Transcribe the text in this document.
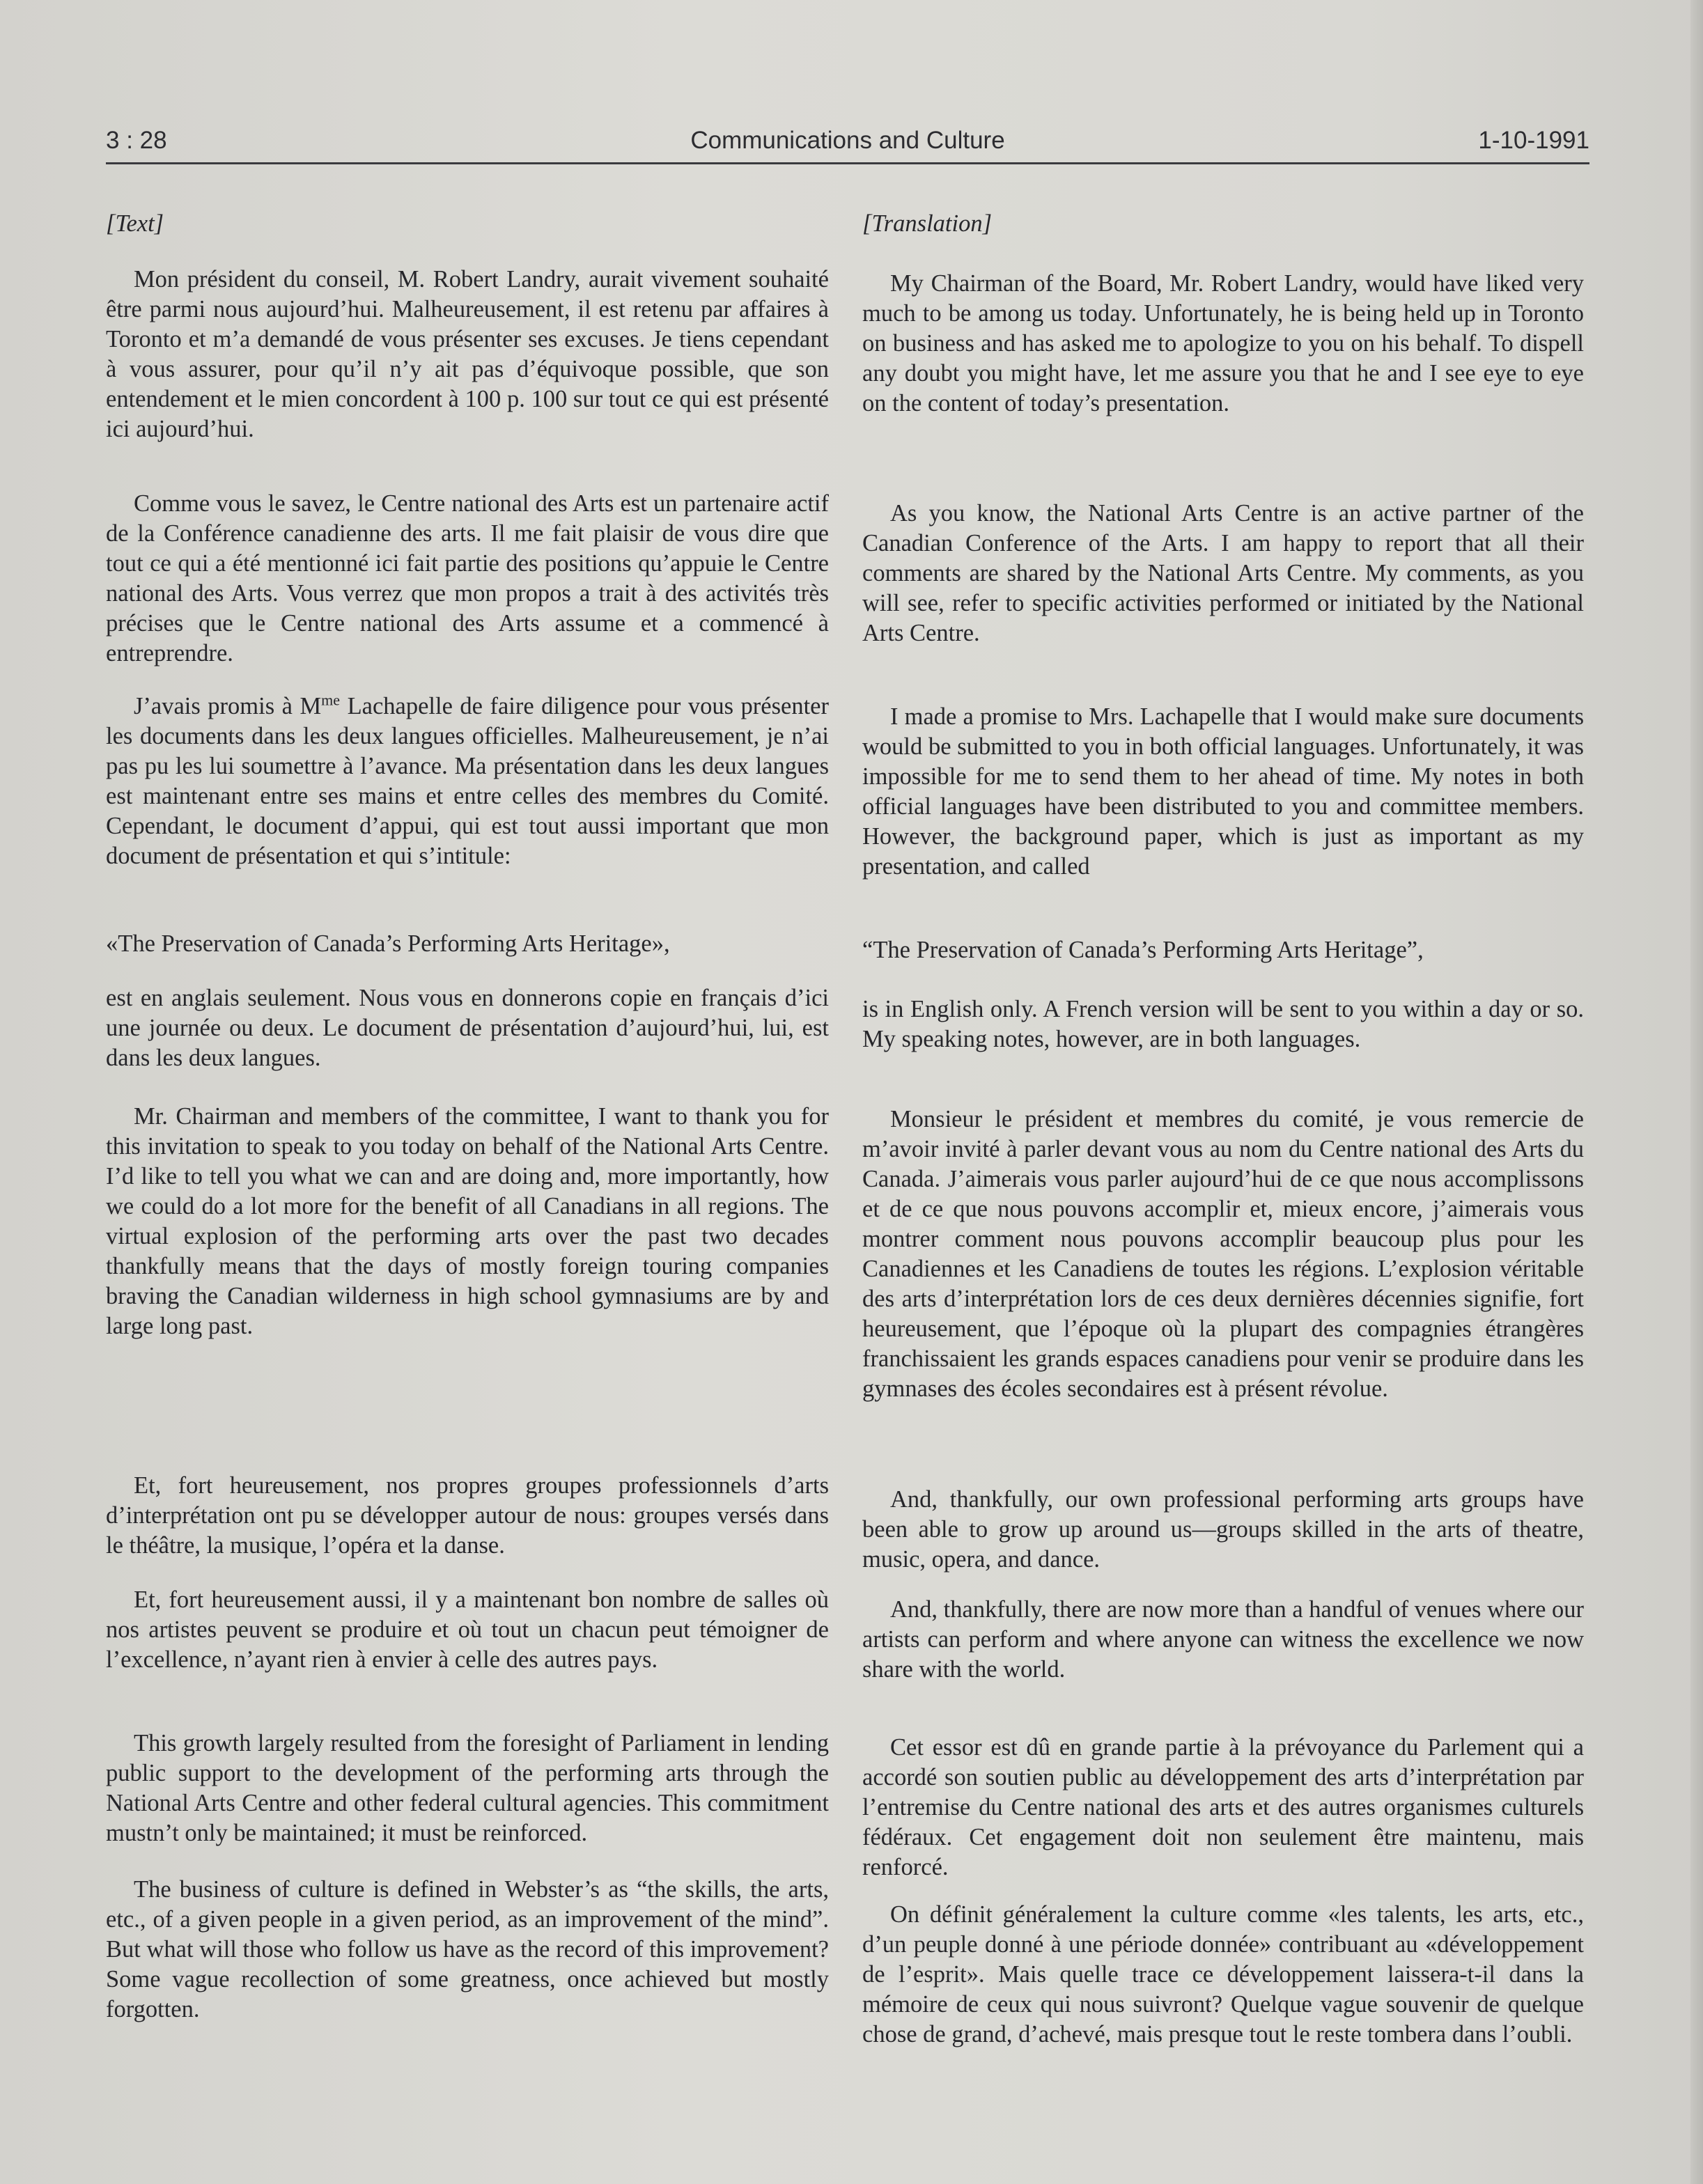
3 : 28	Communications and Culture	1-10-1991

[Text]

Mon président du conseil, M. Robert Landry, aurait vivement souhaité être parmi nous aujourd’hui. Malheureusement, il est retenu par affaires à Toronto et m’a demandé de vous présenter ses excuses. Je tiens cependant à vous assurer, pour qu’il n’y ait pas d’équivoque possible, que son entendement et le mien concordent à 100 p. 100 sur tout ce qui est présenté ici aujourd’hui.

Comme vous le savez, le Centre national des Arts est un partenaire actif de la Conférence canadienne des arts. Il me fait plaisir de vous dire que tout ce qui a été mentionné ici fait partie des positions qu’appuie le Centre national des Arts. Vous verrez que mon propos a trait à des activités très précises que le Centre national des Arts assume et a commencé à entreprendre.

J’avais promis à $M^{me}$ Lachapelle de faire diligence pour vous présenter les documents dans les deux langues officielles. Malheureusement, je n’ai pas pu les lui soumettre à l’avance. Ma présentation dans les deux langues est maintenant entre ses mains et entre celles des membres du Comité. Cependant, le document d’appui, qui est tout aussi important que mon document de présentation et qui s’intitule:

«The Preservation of Canada’s Performing Arts Heritage»,

est en anglais seulement. Nous vous en donnerons copie en français d’ici une journée ou deux. Le document de présentation d’aujourd’hui, lui, est dans les deux langues.

Mr. Chairman and members of the committee, I want to thank you for this invitation to speak to you today on behalf of the National Arts Centre. I’d like to tell you what we can and are doing and, more importantly, how we could do a lot more for the benefit of all Canadians in all regions. The virtual explosion of the performing arts over the past two decades thankfully means that the days of mostly foreign touring companies braving the Canadian wilderness in high school gymnasiums are by and large long past.

Et, fort heureusement, nos propres groupes professionnels d’arts d’interprétation ont pu se développer autour de nous: groupes versés dans le théâtre, la musique, l’opéra et la danse.

Et, fort heureusement aussi, il y a maintenant bon nombre de salles où nos artistes peuvent se produire et où tout un chacun peut témoigner de l’excellence, n’ayant rien à envier à celle des autres pays.

This growth largely resulted from the foresight of Parliament in lending public support to the development of the performing arts through the National Arts Centre and other federal cultural agencies. This commitment mustn’t only be maintained; it must be reinforced.

The business of culture is defined in Webster’s as “the skills, the arts, etc., of a given people in a given period, as an improvement of the mind”. But what will those who follow us have as the record of this improvement? Some vague recollection of some greatness, once achieved but mostly forgotten.

[Translation]

My Chairman of the Board, Mr. Robert Landry, would have liked very much to be among us today. Unfortunately, he is being held up in Toronto on business and has asked me to apologize to you on his behalf. To dispell any doubt you might have, let me assure you that he and I see eye to eye on the content of today’s presentation.

As you know, the National Arts Centre is an active partner of the Canadian Conference of the Arts. I am happy to report that all their comments are shared by the National Arts Centre. My comments, as you will see, refer to specific activities performed or initiated by the National Arts Centre.

I made a promise to Mrs. Lachapelle that I would make sure documents would be submitted to you in both official languages. Unfortunately, it was impossible for me to send them to her ahead of time. My notes in both official languages have been distributed to you and committee members. However, the background paper, which is just as important as my presentation, and called

“The Preservation of Canada’s Performing Arts Heritage”,

is in English only. A French version will be sent to you within a day or so. My speaking notes, however, are in both languages.

Monsieur le président et membres du comité, je vous remercie de m’avoir invité à parler devant vous au nom du Centre national des Arts du Canada. J’aimerais vous parler aujourd’hui de ce que nous accomplissons et de ce que nous pouvons accomplir et, mieux encore, j’aimerais vous montrer comment nous pouvons accomplir beaucoup plus pour les Canadiennes et les Canadiens de toutes les régions. L’explosion véritable des arts d’interprétation lors de ces deux dernières décennies signifie, fort heureusement, que l’époque où la plupart des compagnies étrangères franchissaient les grands espaces canadiens pour venir se produire dans les gymnases des écoles secondaires est à présent révolue.

And, thankfully, our own professional performing arts groups have been able to grow up around us—groups skilled in the arts of theatre, music, opera, and dance.

And, thankfully, there are now more than a handful of venues where our artists can perform and where anyone can witness the excellence we now share with the world.

Cet essor est dû en grande partie à la prévoyance du Parlement qui a accordé son soutien public au développement des arts d’interprétation par l’entremise du Centre national des arts et des autres organismes culturels fédéraux. Cet engagement doit non seulement être maintenu, mais renforcé.

On définit généralement la culture comme «les talents, les arts, etc., d’un peuple donné à une période donnée» contribuant au «développement de l’esprit». Mais quelle trace ce développement laissera-t-il dans la mémoire de ceux qui nous suivront? Quelque vague souvenir de quelque chose de grand, d’achevé, mais presque tout le reste tombera dans l’oubli.
